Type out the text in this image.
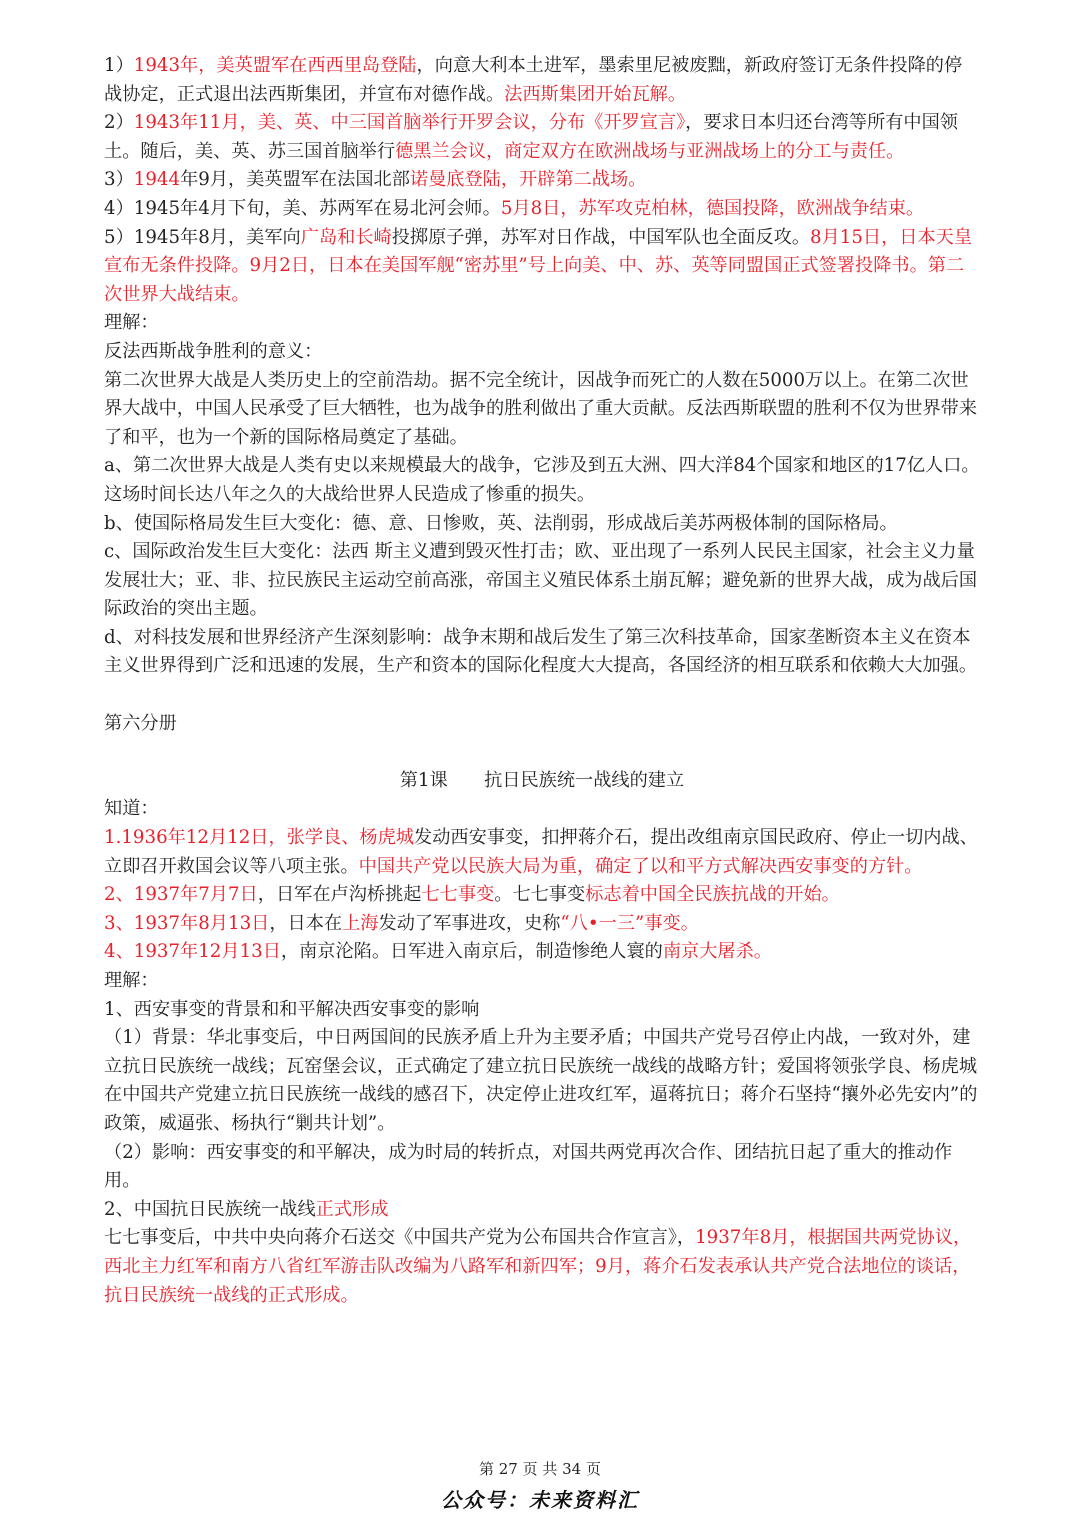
1）1943年，美英盟军在西西里岛登陆，向意大利本土进军，墨索里尼被废黜，新政府签订无条件投降的停战协定，正式退出法西斯集团，并宣布对德作战。法西斯集团开始瓦解。

2）1943年11月，美、英、中三国首脑举行开罗会议，分布《开罗宣言》，要求日本归还台湾等所有中国领土。随后，美、英、苏三国首脑举行德黑兰会议，商定双方在欧洲战场与亚洲战场上的分工与责任。

3）1944年9月，美英盟军在法国北部诺曼底登陆，开辟第二战场。

4）1945年4月下旬，美、苏两军在易北河会师。5月8日，苏军攻克柏林，德国投降，欧洲战争结束。

5）1945年8月，美军向广岛和长崎投掷原子弹，苏军对日作战，中国军队也全面反攻。8月15日，日本天皇宣布无条件投降。9月2日，日本在美国军舰“密苏里”号上向美、中、苏、英等同盟国正式签署投降书。第二次世界大战结束。

理解：

反法西斯战争胜利的意义：

第二次世界大战是人类历史上的空前浩劫。据不完全统计，因战争而死亡的人数在5000万以上。在第二次世界大战中，中国人民承受了巨大牺牲，也为战争的胜利做出了重大贡献。反法西斯联盟的胜利不仅为世界带来了和平，也为一个新的国际格局奠定了基础。

a、第二次世界大战是人类有史以来规模最大的战争，它涉及到五大洲、四大洋84个国家和地区的17亿人口。这场时间长达八年之久的大战给世界人民造成了惨重的损失。

b、使国际格局发生巨大变化：德、意、日惨败，英、法削弱，形成战后美苏两极体制的国际格局。

c、国际政治发生巨大变化：法西 斯主义遭到毁灭性打击；欧、亚出现了一系列人民民主国家，社会主义力量发展壮大；亚、非、拉民族民主运动空前高涨，帝国主义殖民体系土崩瓦解；避免新的世界大战，成为战后国际政治的突出主题。

d、对科技发展和世界经济产生深刻影响：战争末期和战后发生了第三次科技革命，国家垄断资本主义在资本主义世界得到广泛和迅速的发展，生产和资本的国际化程度大大提高，各国经济的相互联系和依赖大大加强。

第六分册

第1课　　抗日民族统一战线的建立

知道：

1.1936年12月12日，张学良、杨虎城发动西安事变，扣押蒋介石，提出改组南京国民政府、停止一切内战、立即召开救国会议等八项主张。中国共产党以民族大局为重，确定了以和平方式解决西安事变的方针。

2、1937年7月7日，日军在卢沟桥挑起七七事变。七七事变标志着中国全民族抗战的开始。

3、1937年8月13日，日本在上海发动了军事进攻，史称“八•一三”事变。

4、1937年12月13日，南京沦陷。日军进入南京后，制造惨绝人寰的南京大屠杀。

理解：

1、西安事变的背景和和平解决西安事变的影响

（1）背景：华北事变后，中日两国间的民族矛盾上升为主要矛盾；中国共产党号召停止内战，一致对外，建立抗日民族统一战线；瓦窑堡会议，正式确定了建立抗日民族统一战线的战略方针；爱国将领张学良、杨虎城在中国共产党建立抗日民族统一战线的感召下，决定停止进攻红军，逼蒋抗日；蒋介石坚持“攘外必先安内”的政策，威逼张、杨执行“剿共计划”。

（2）影响：西安事变的和平解决，成为时局的转折点，对国共两党再次合作、团结抗日起了重大的推动作用。

2、中国抗日民族统一战线正式形成

七七事变后，中共中央向蒋介石送交《中国共产党为公布国共合作宣言》，1937年8月，根据国共两党协议，西北主力红军和南方八省红军游击队改编为八路军和新四军；9月，蒋介石发表承认共产党合法地位的谈话，抗日民族统一战线的正式形成。

第 27 页 共 34 页
公众号：未来资料汇
